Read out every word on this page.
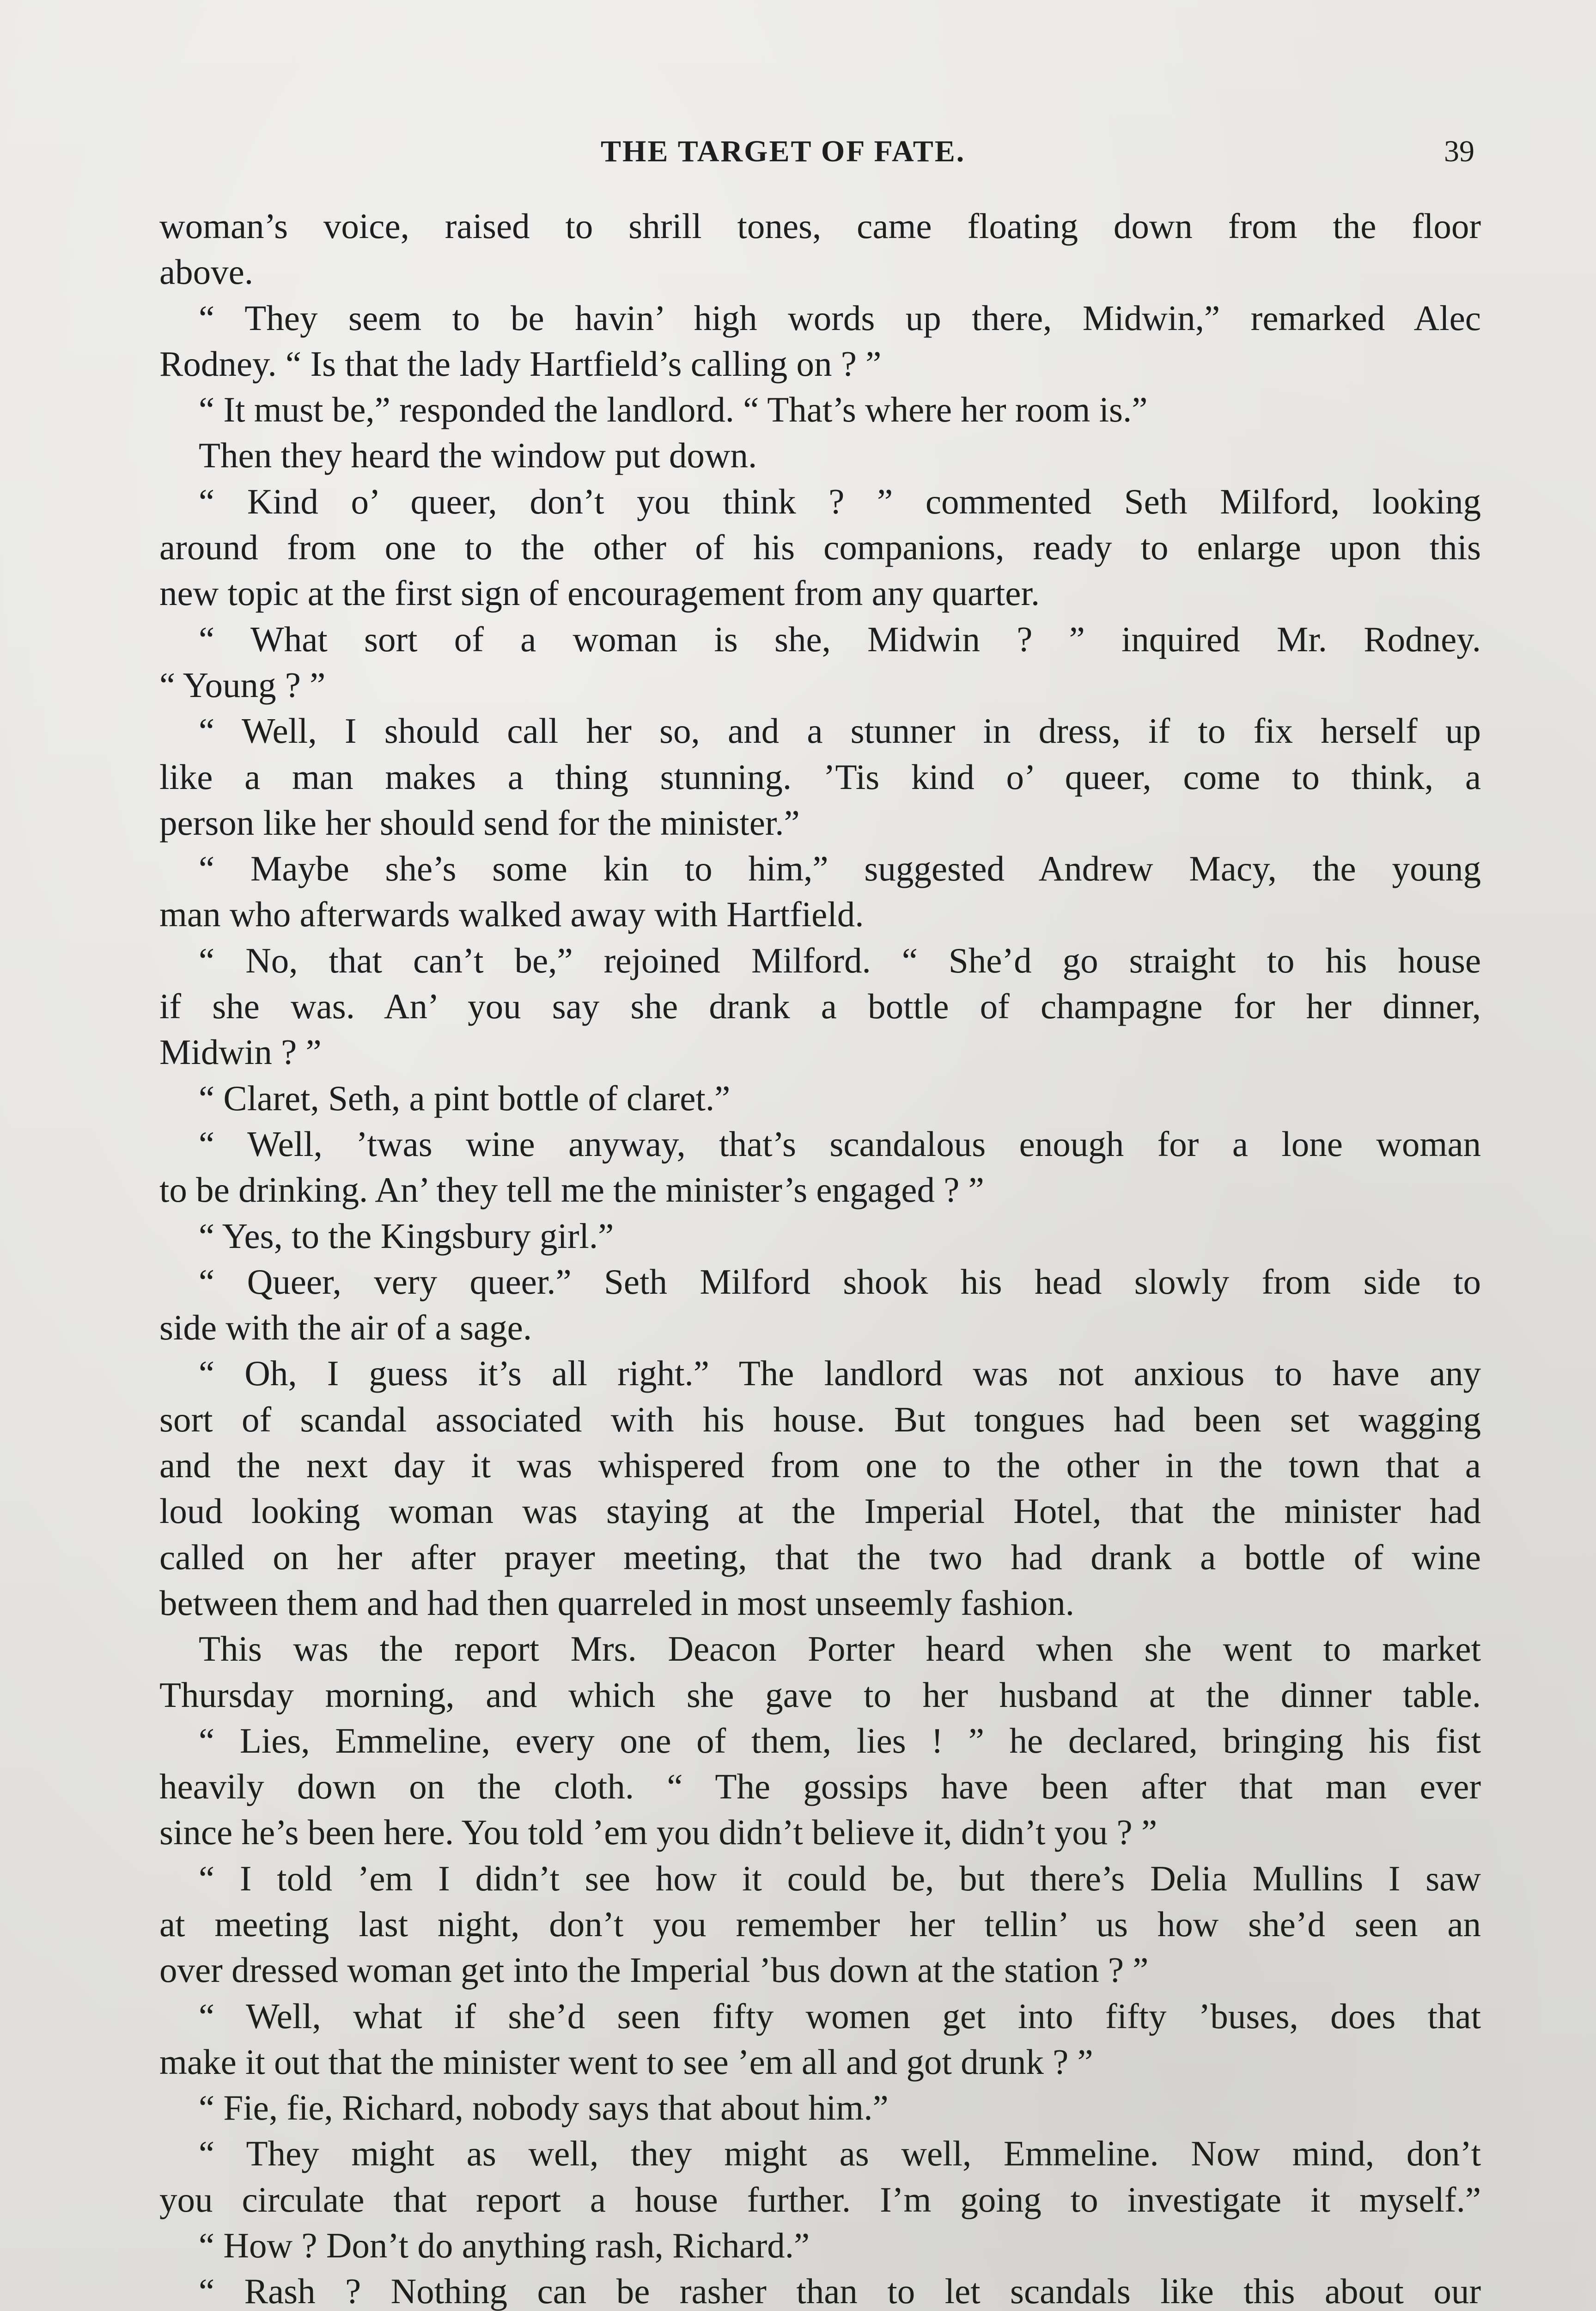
THE TARGET OF FATE.	39
woman’s voice, raised to shrill tones, came floating down from the floor
above.
“ They seem to be havin’ high words up there, Midwin,” remarked Alec
Rodney. “ Is that the lady Hartfield’s calling on ? ”
“ It must be,” responded the landlord. “ That’s where her room is.”
Then they heard the window put down.
“ Kind o’ queer, don’t you think ? ” commented Seth Milford, looking
around from one to the other of his companions, ready to enlarge upon this
new topic at the first sign of encouragement from any quarter.
“ What sort of a woman is she, Midwin ? ” inquired Mr. Rodney.
“ Young ? ”
“ Well, I should call her so, and a stunner in dress, if to fix herself up
like a man makes a thing stunning. ’Tis kind o’ queer, come to think, a
person like her should send for the minister.”
“ Maybe she’s some kin to him,” suggested Andrew Macy, the young
man who afterwards walked away with Hartfield.
“ No, that can’t be,” rejoined Milford. “ She’d go straight to his house
if she was. An’ you say she drank a bottle of champagne for her dinner,
Midwin ? ”
“ Claret, Seth, a pint bottle of claret.”
“ Well, ’twas wine anyway, that’s scandalous enough for a lone woman
to be drinking. An’ they tell me the minister’s engaged ? ”
“ Yes, to the Kingsbury girl.”
“ Queer, very queer.” Seth Milford shook his head slowly from side to
side with the air of a sage.
“ Oh, I guess it’s all right.” The landlord was not anxious to have any
sort of scandal associated with his house. But tongues had been set wagging
and the next day it was whispered from one to the other in the town that a
loud looking woman was staying at the Imperial Hotel, that the minister had
called on her after prayer meeting, that the two had drank a bottle of wine
between them and had then quarreled in most unseemly fashion.
This was the report Mrs. Deacon Porter heard when she went to market
Thursday morning, and which she gave to her husband at the dinner table.
“ Lies, Emmeline, every one of them, lies ! ” he declared, bringing his fist
heavily down on the cloth. “ The gossips have been after that man ever
since he’s been here. You told ’em you didn’t believe it, didn’t you ? ”
“ I told ’em I didn’t see how it could be, but there’s Delia Mullins I saw
at meeting last night, don’t you remember her tellin’ us how she’d seen an
over dressed woman get into the Imperial ’bus down at the station ? ”
“ Well, what if she’d seen fifty women get into fifty ’buses, does that
make it out that the minister went to see ’em all and got drunk ? ”
“ Fie, fie, Richard, nobody says that about him.”
“ They might as well, they might as well, Emmeline. Now mind, don’t
you circulate that report a house further. I’m going to investigate it myself.”
“ How ? Don’t do anything rash, Richard.”
“ Rash ? Nothing can be rasher than to let scandals like this about our
